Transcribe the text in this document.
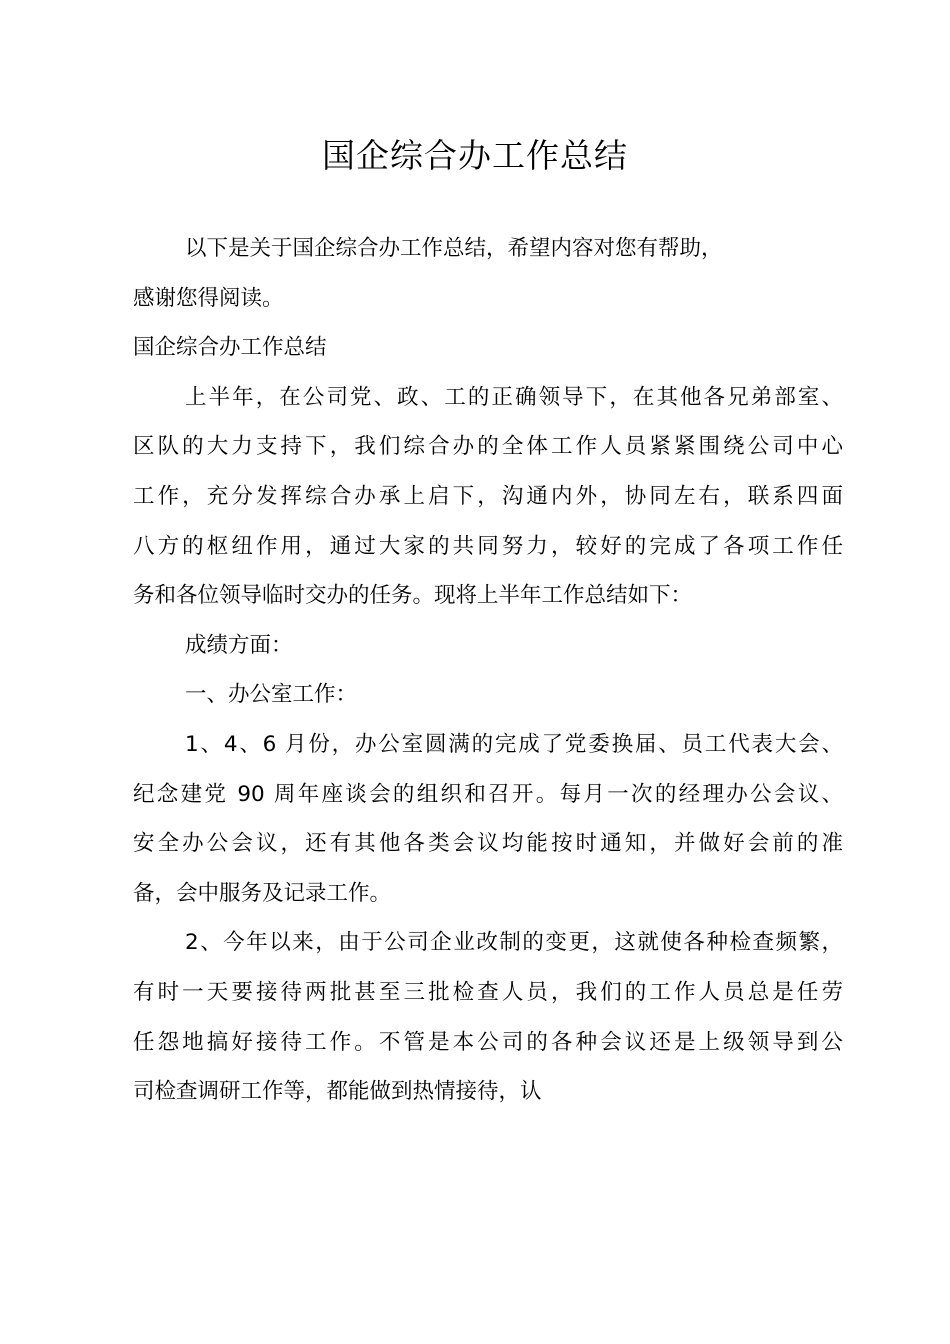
国企综合办工作总结
以下是关于国企综合办工作总结，希望内容对您有帮助，
感谢您得阅读。
国企综合办工作总结
上半年，在公司党、政、工的正确领导下，在其他各兄弟部室、
区队的大力支持下，我们综合办的全体工作人员紧紧围绕公司中心
工作，充分发挥综合办承上启下，沟通内外，协同左右，联系四面
八方的枢纽作用，通过大家的共同努力，较好的完成了各项工作任
务和各位领导临时交办的任务。现将上半年工作总结如下：
成绩方面：
一、办公室工作：
1、4、6 月份，办公室圆满的完成了党委换届、员工代表大会、
纪念建党 90 周年座谈会的组织和召开。每月一次的经理办公会议、
安全办公会议，还有其他各类会议均能按时通知，并做好会前的准
备，会中服务及记录工作。
2、今年以来，由于公司企业改制的变更，这就使各种检查频繁，
有时一天要接待两批甚至三批检查人员，我们的工作人员总是任劳
任怨地搞好接待工作。不管是本公司的各种会议还是上级领导到公
司检查调研工作等，都能做到热情接待，认
